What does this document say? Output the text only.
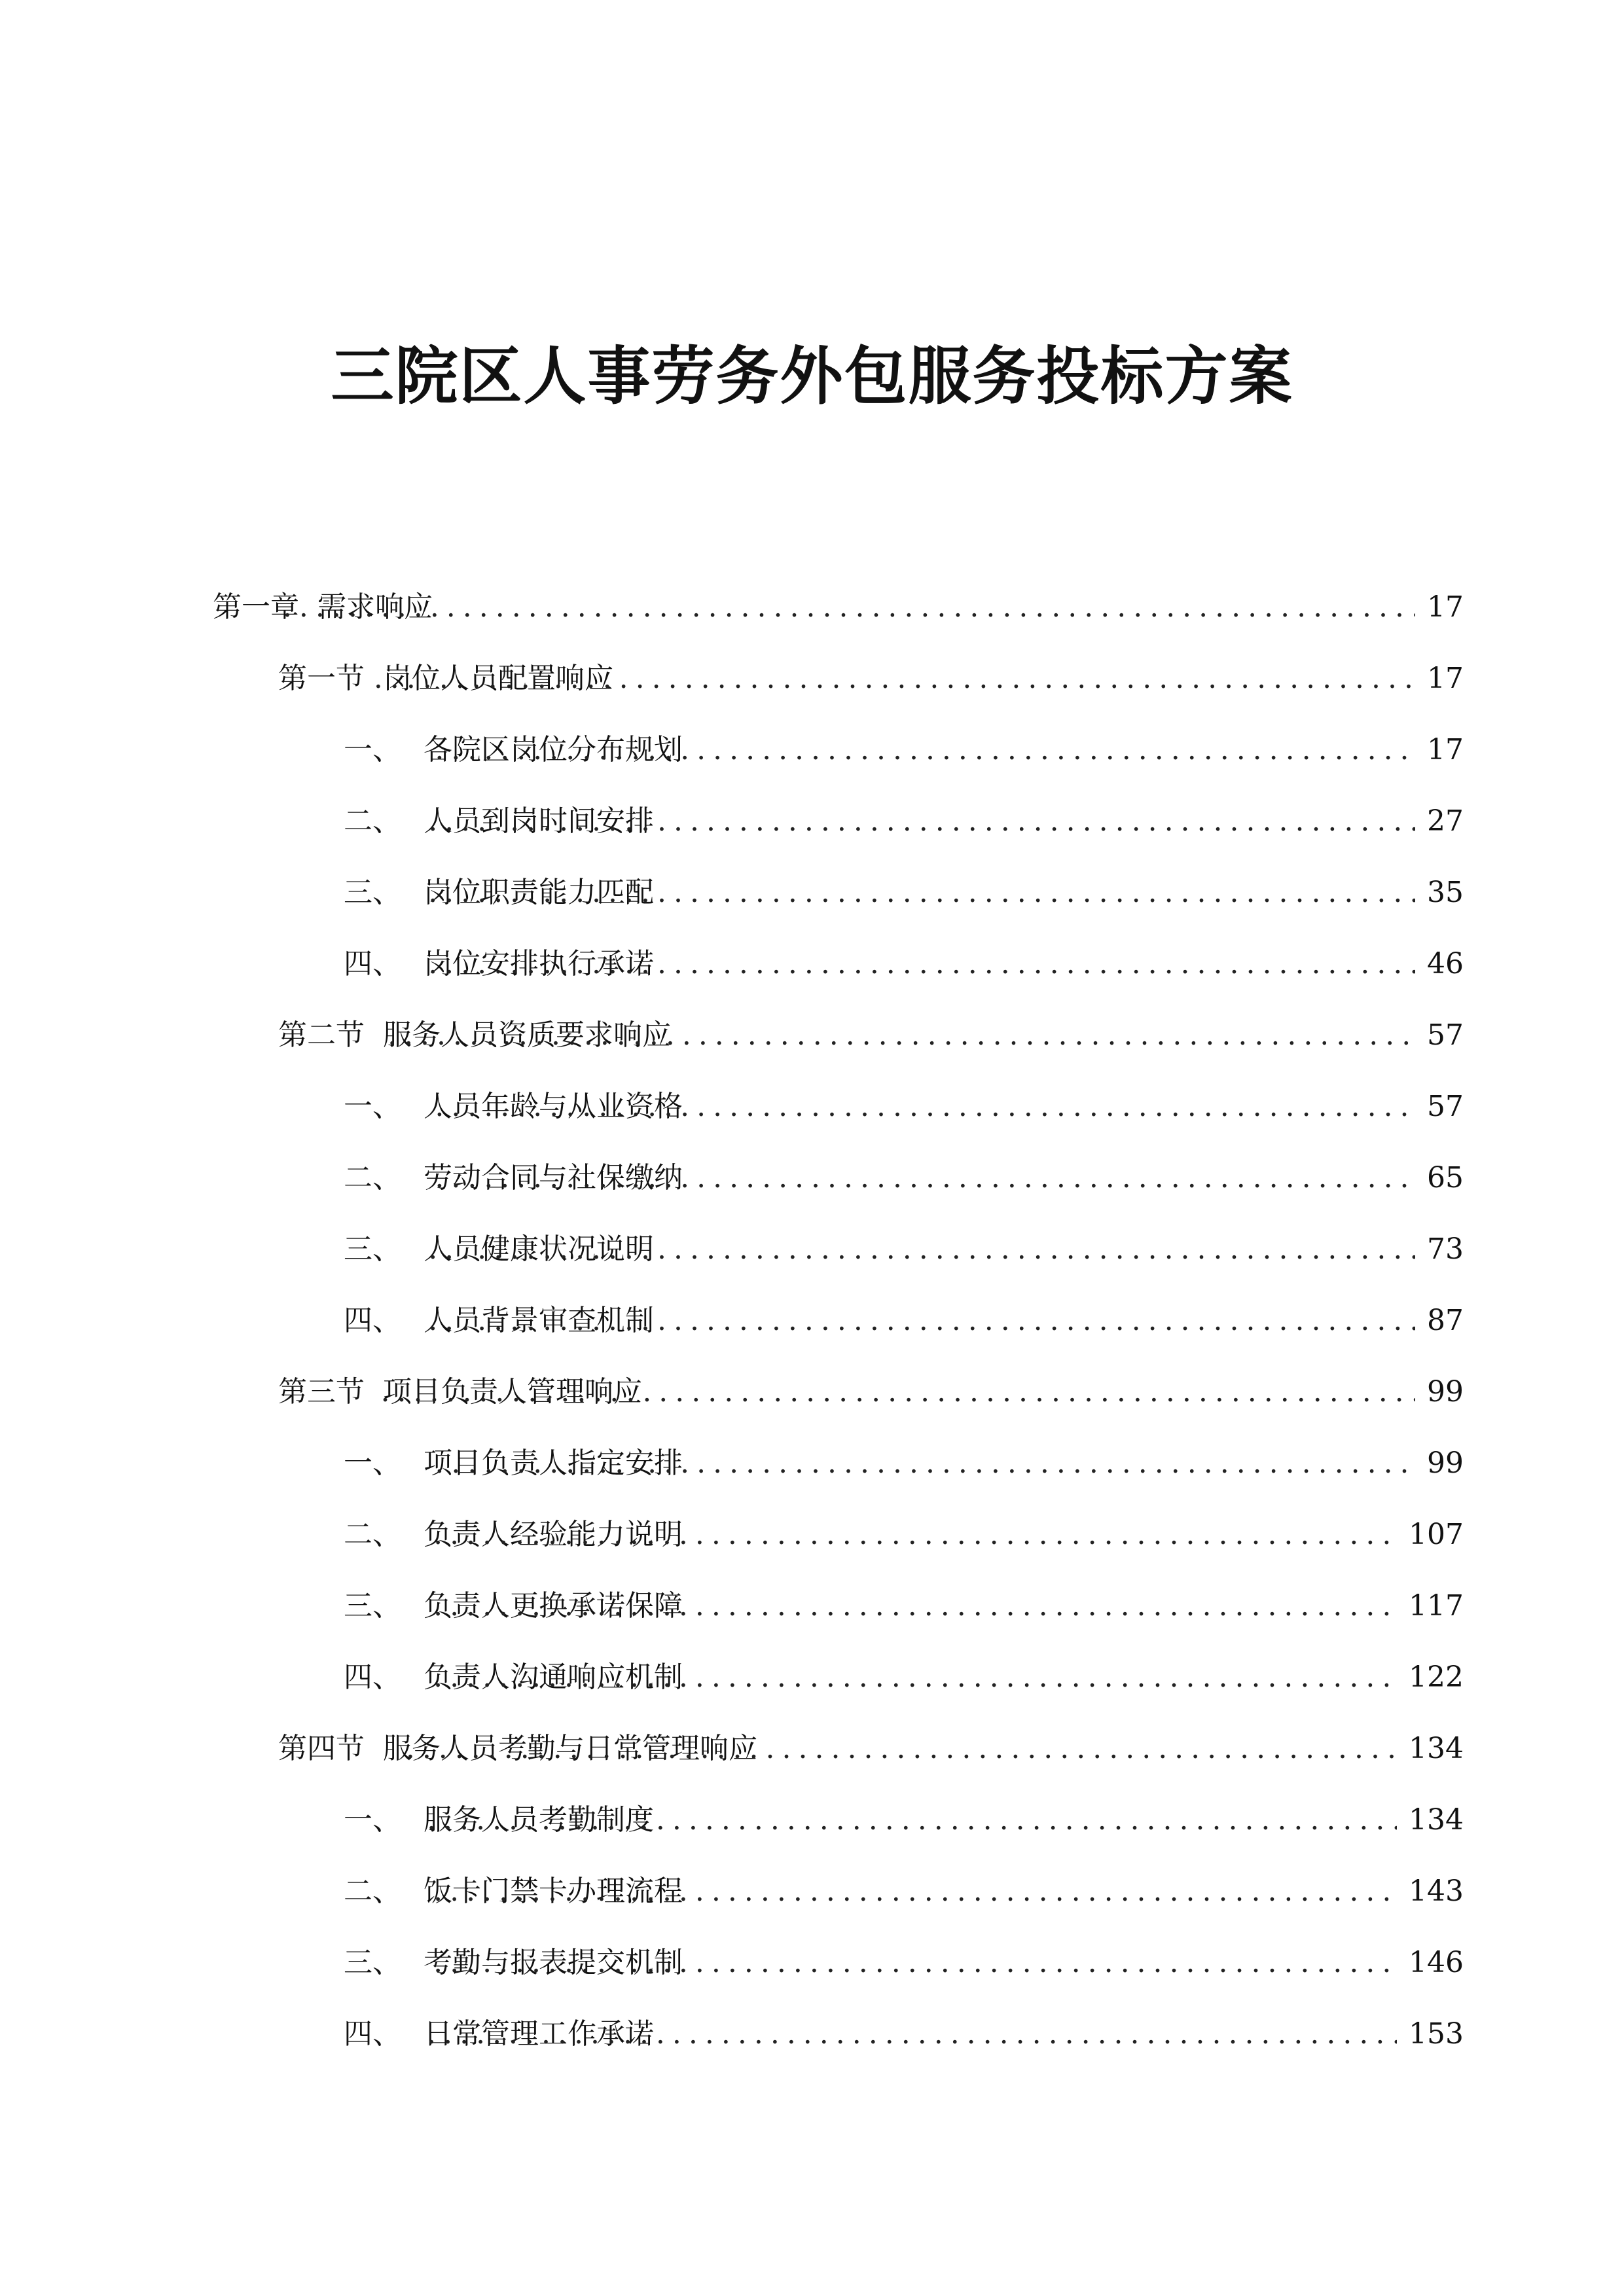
三院区人事劳务外包服务投标方案
第一章 需求响应 .....	17
第一节 岗位人员配置响应 .....	17
一、 各院区岗位分布规划 .....	17
二、 人员到岗时间安排 .....	27
三、 岗位职责能力匹配 .....	35
四、 岗位安排执行承诺 .....	46
第二节 服务人员资质要求响应 .....	57
一、 人员年龄与从业资格 .....	57
二、 劳动合同与社保缴纳 .....	65
三、 人员健康状况说明 .....	73
四、 人员背景审查机制 .....	87
第三节 项目负责人管理响应 .....	99
一、 项目负责人指定安排 .....	99
二、 负责人经验能力说明 .....	107
三、 负责人更换承诺保障 .....	117
四、 负责人沟通响应机制 .....	122
第四节 服务人员考勤与日常管理响应 .....	134
一、 服务人员考勤制度 .....	134
二、 饭卡门禁卡办理流程 .....	143
三、 考勤与报表提交机制 .....	146
四、 日常管理工作承诺 .....	153
